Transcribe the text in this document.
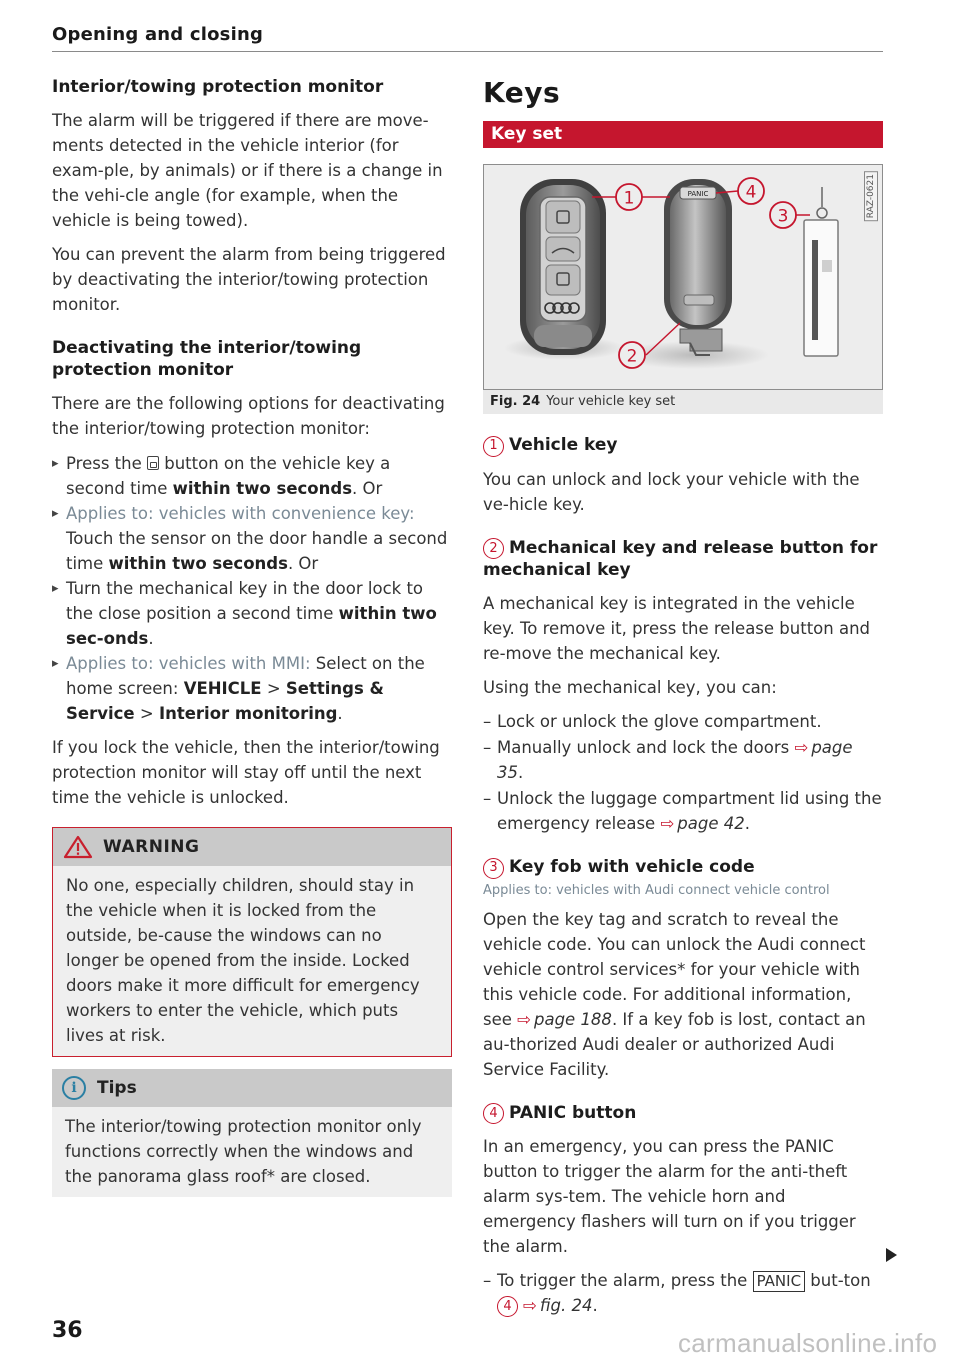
Opening and closing
Interior/towing protection monitor

The alarm will be triggered if there are move-ments detected in the vehicle interior (for exam-ple, by animals) or if there is a change in the vehi-cle angle (for example, when the vehicle is being towed).

You can prevent the alarm from being triggered by deactivating the interior/towing protection monitor.

Deactivating the interior/towing protection monitor

There are the following options for deactivating the interior/towing protection monitor:

▸ Press the button on the vehicle key a second time within two seconds. Or
▸ Applies to: vehicles with convenience key: Touch the sensor on the door handle a second time within two seconds. Or
▸ Turn the mechanical key in the door lock to the close position a second time within two sec-onds.
▸ Applies to: vehicles with MMI: Select on the home screen: VEHICLE > Settings & Service > Interior monitoring.

If you lock the vehicle, then the interior/towing protection monitor will stay off until the next time the vehicle is unlocked.

WARNING

No one, especially children, should stay in the vehicle when it is locked from the outside, be-cause the windows can no longer be opened from the inside. Locked doors make it more difficult for emergency workers to enter the vehicle, which puts lives at risk.

i	Tips

The interior/towing protection monitor only functions correctly when the windows and the panorama glass roof* are closed.

Keys
Key set
PANIC
1
2
3
4	RAZ-0621
Fig. 24 Your vehicle key set
1 Vehicle key

You can unlock and lock your vehicle with the ve-hicle key.

2 Mechanical key and release button for mechanical key

A mechanical key is integrated in the vehicle key. To remove it, press the release button and re-move the mechanical key.

Using the mechanical key, you can:

– Lock or unlock the glove compartment.
– Manually unlock and lock the doors ⇨ page 35.
– Unlock the luggage compartment lid using the emergency release ⇨ page 42.
3 Key fob with vehicle code
Applies to: vehicles with Audi connect vehicle control

Open the key tag and scratch to reveal the vehicle code. You can unlock the Audi connect vehicle control services* for your vehicle with this vehicle code. For additional information, see ⇨ page 188. If a key fob is lost, contact an au-thorized Audi dealer or authorized Audi Service Facility.

4 PANIC button

In an emergency, you can press the PANIC button to trigger the alarm for the anti-theft alarm sys-tem. The vehicle horn and emergency flashers will turn on if you trigger the alarm.

– To trigger the alarm, press the PANIC but-ton 4 ⇨ fig. 24.
36	carmanualsonline.info
